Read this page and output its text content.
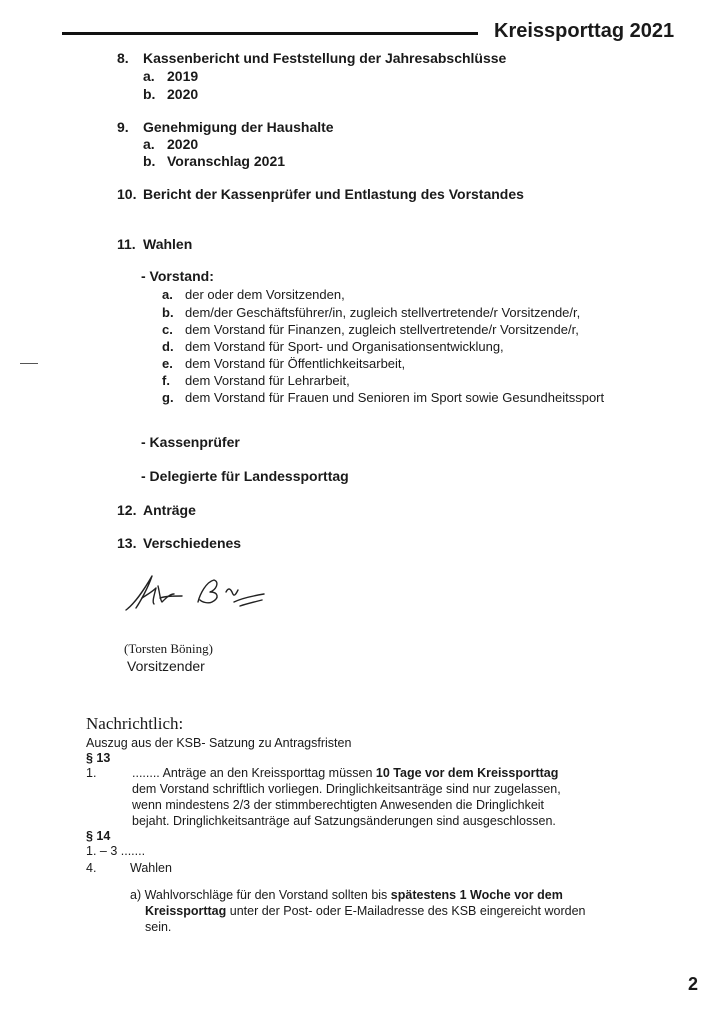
Kreissporttag 2021
8. Kassenbericht und Feststellung der Jahresabschlüsse
a. 2019
b. 2020
9. Genehmigung der Haushalte
a. 2020
b. Voranschlag 2021
10. Bericht der Kassenprüfer und Entlastung des Vorstandes
11. Wahlen
- Vorstand:
a. der oder dem Vorsitzenden,
b. dem/der Geschäftsführer/in, zugleich stellvertretende/r Vorsitzende/r,
c. dem Vorstand für Finanzen, zugleich stellvertretende/r Vorsitzende/r,
d. dem Vorstand für Sport- und Organisationsentwicklung,
e. dem Vorstand für Öffentlichkeitsarbeit,
f. dem Vorstand für Lehrarbeit,
g. dem Vorstand für Frauen und Senioren im Sport sowie Gesundheitssport
- Kassenprüfer
- Delegierte für Landessporttag
12. Anträge
13. Verschiedenes
(Torsten Böning)
Vorsitzender
Nachrichtlich:
Auszug aus der KSB- Satzung zu Antragsfristen
§ 13
1.	........ Anträge an den Kreissporttag müssen 10 Tage vor dem Kreissporttag
dem Vorstand schriftlich vorliegen. Dringlichkeitsanträge sind nur zugelassen,
wenn mindestens 2/3 der stimmberechtigten Anwesenden die Dringlichkeit
bejaht. Dringlichkeitsanträge auf Satzungsänderungen sind ausgeschlossen.
§ 14
1. – 3 .......
4.	Wahlen
a) Wahlvorschläge für den Vorstand sollten bis spätestens 1 Woche vor dem
Kreissporttag unter der Post- oder E-Mailadresse des KSB eingereicht worden
sein.
2
